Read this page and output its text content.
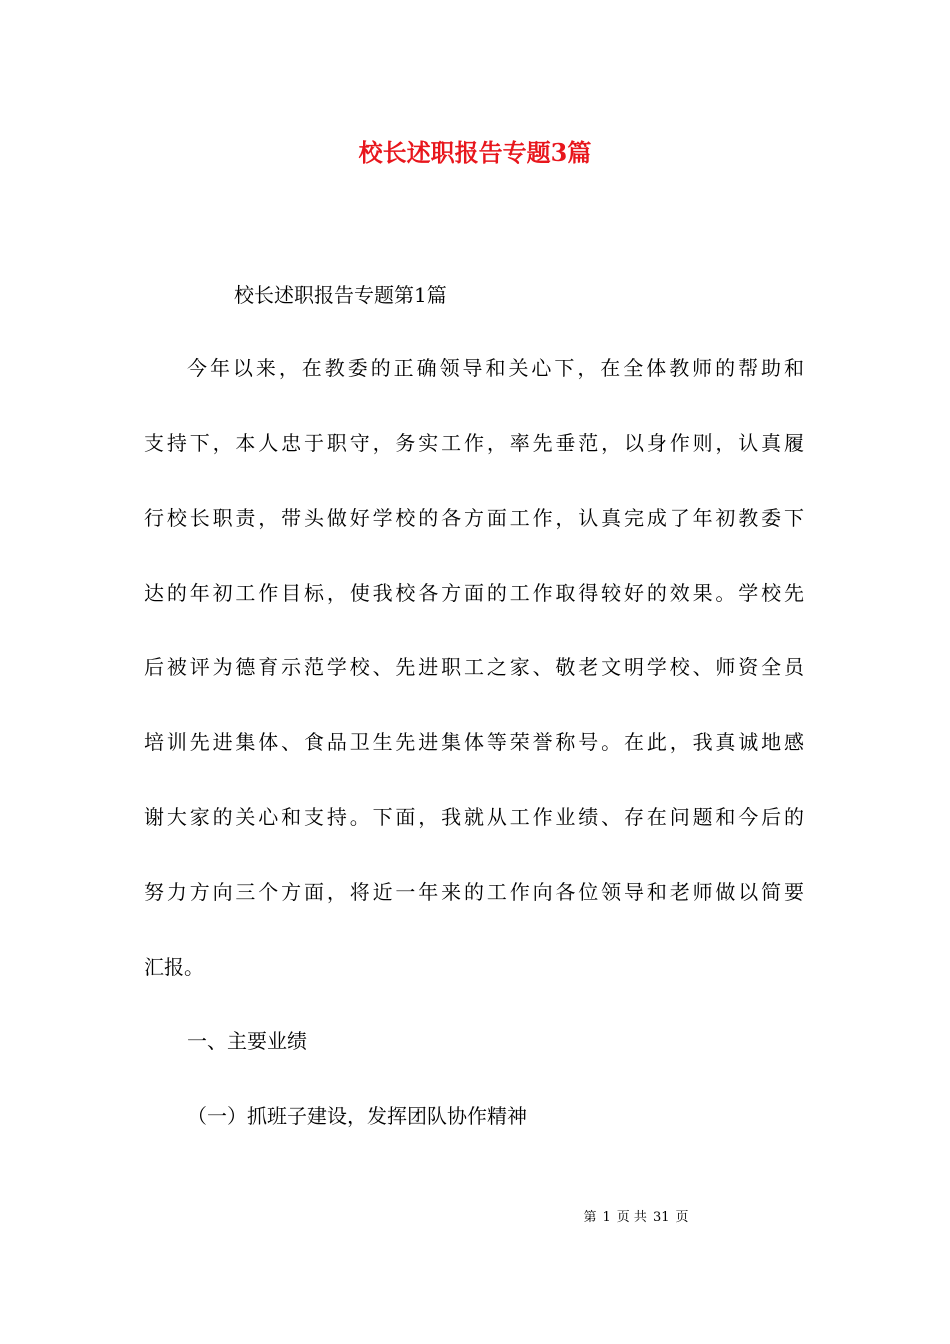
校长述职报告专题3篇
校长述职报告专题第1篇
今年以来，在教委的正确领导和关心下，在全体教师的帮助和
支持下，本人忠于职守，务实工作，率先垂范，以身作则，认真履
行校长职责，带头做好学校的各方面工作，认真完成了年初教委下
达的年初工作目标，使我校各方面的工作取得较好的效果。学校先
后被评为德育示范学校、先进职工之家、敬老文明学校、师资全员
培训先进集体、食品卫生先进集体等荣誉称号。在此，我真诚地感
谢大家的关心和支持。下面，我就从工作业绩、存在问题和今后的
努力方向三个方面，将近一年来的工作向各位领导和老师做以简要
汇报。
一、主要业绩
（一）抓班子建设，发挥团队协作精神
第 1 页 共 31 页
